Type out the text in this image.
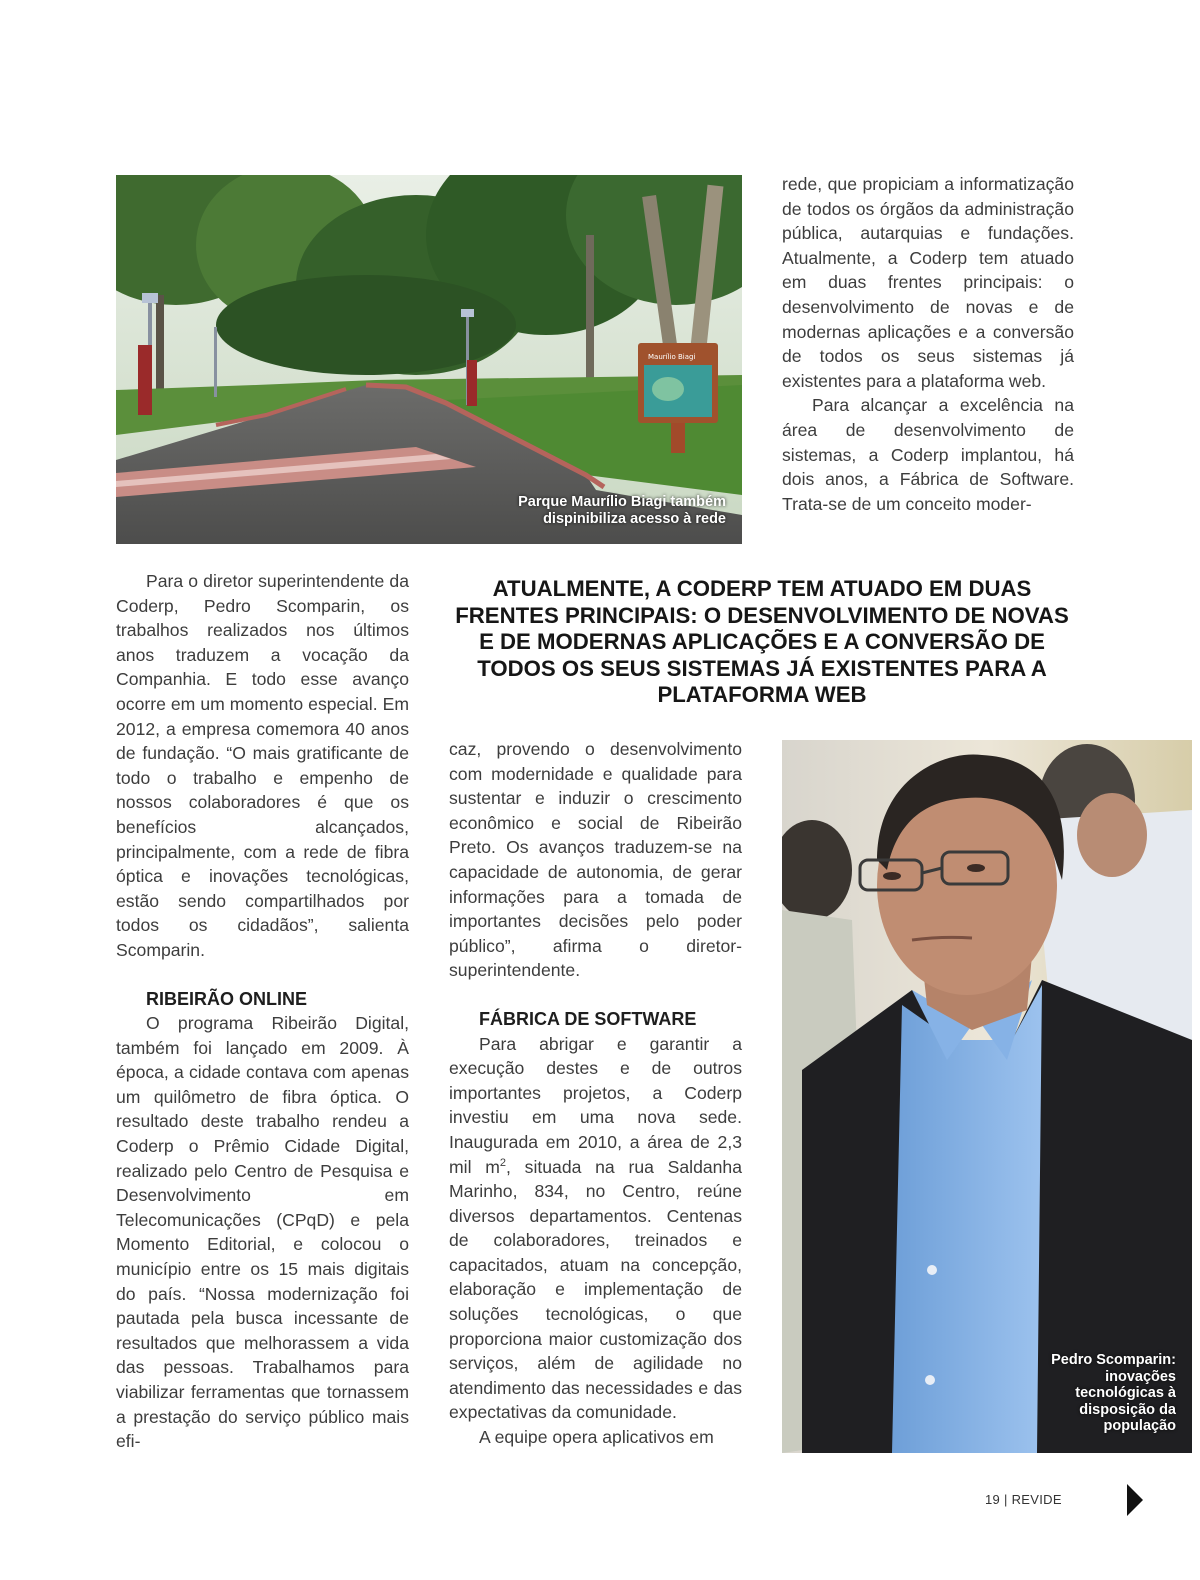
Maurílio Biagi
Parque Maurílio Biagi também dispinibiliza acesso à rede

rede, que propiciam a informatização de todos os órgãos da administração pública, autarquias e fundações. Atualmente, a Coderp tem atuado em duas frentes principais: o desenvolvimento de novas e de modernas aplicações e a conversão de todos os seus sistemas já existentes para a plataforma web.

Para alcançar a excelência na área de desenvolvimento de sistemas, a Coderp implantou, há dois anos, a Fábrica de Software. Trata-se de um conceito moder-

ATUALMENTE, A CODERP TEM ATUADO EM DUAS FRENTES PRINCIPAIS: O DESENVOLVIMENTO DE NOVAS E DE MODERNAS APLICAÇÕES E A CONVERSÃO DE TODOS OS SEUS SISTEMAS JÁ EXISTENTES PARA A PLATAFORMA WEB

Para o diretor superintendente da Coderp, Pedro Scomparin, os trabalhos realizados nos últimos anos traduzem a vocação da Companhia. E todo esse avanço ocorre em um momento especial. Em 2012, a empresa comemora 40 anos de fundação. “O mais gratificante de todo o trabalho e empenho de nossos colaboradores é que os benefícios alcançados, principalmente, com a rede de fibra óptica e inovações tecnológicas, estão sendo compartilhados por todos os cidadãos”, salienta Scomparin.

RIBEIRÃO ONLINE

O programa Ribeirão Digital, também foi lançado em 2009. À época, a cidade contava com apenas um quilômetro de fibra óptica. O resultado deste trabalho rendeu a Coderp o Prêmio Cidade Digital, realizado pelo Centro de Pesquisa e Desenvolvimento em Telecomunicações (CPqD) e pela Momento Editorial, e colocou o município entre os 15 mais digitais do país. “Nossa modernização foi pautada pela busca incessante de resultados que melhorassem a vida das pessoas. Trabalhamos para viabilizar ferramentas que tornassem a prestação do serviço público mais efi-

caz, provendo o desenvolvimento com modernidade e qualidade para sustentar e induzir o crescimento econômico e social de Ribeirão Preto. Os avanços traduzem-se na capacidade de autonomia, de gerar informações para a tomada de importantes decisões pelo poder público”, afirma o diretor-superintendente.

FÁBRICA DE SOFTWARE

Para abrigar e garantir a execução destes e de outros importantes projetos, a Coderp investiu em uma nova sede. Inaugurada em 2010, a área de 2,3 mil $m^2$, situada na rua Saldanha Marinho, 834, no Centro, reúne diversos departamentos. Centenas de colaboradores, treinados e capacitados, atuam na concepção, elaboração e implementação de soluções tecnológicas, o que proporciona maior customização dos serviços, além de agilidade no atendimento das necessidades e das expectativas da comunidade.

A equipe opera aplicativos em

Pedro Scomparin: inovações tecnológicas à disposição da população
19 | REVIDE
